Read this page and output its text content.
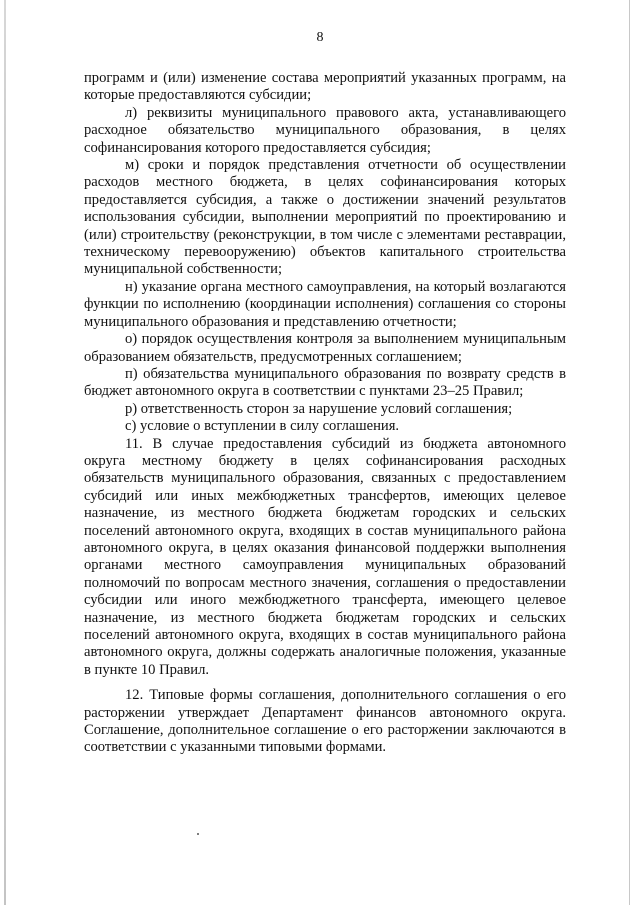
8

программ и (или) изменение состава мероприятий указанных программ, на которые предоставляются субсидии;

л) реквизиты муниципального правового акта, устанавливающего расходное обязательство муниципального образования, в целях софинансирования которого предоставляется субсидия;

м) сроки и порядок представления отчетности об осуществлении расходов местного бюджета, в целях софинансирования которых предоставляется субсидия, а также о достижении значений результатов использования субсидии, выполнении мероприятий по проектированию и (или) строительству (реконструкции, в том числе с элементами реставрации, техническому перевооружению) объектов капитального строительства муниципальной собственности;

н) указание органа местного самоуправления, на который возлагаются функции по исполнению (координации исполнения) соглашения со стороны муниципального образования и представлению отчетности;

о) порядок осуществления контроля за выполнением муниципальным образованием обязательств, предусмотренных соглашением;

п) обязательства муниципального образования по возврату средств в бюджет автономного округа в соответствии с пунктами 23–25 Правил;

р) ответственность сторон за нарушение условий соглашения;

с) условие о вступлении в силу соглашения.

11. В случае предоставления субсидий из бюджета автономного округа местному бюджету в целях софинансирования расходных обязательств муниципального образования, связанных с предоставлением субсидий или иных межбюджетных трансфертов, имеющих целевое назначение, из местного бюджета бюджетам городских и сельских поселений автономного округа, входящих в состав муниципального района автономного округа, в целях оказания финансовой поддержки выполнения органами местного самоуправления муниципальных образований полномочий по вопросам местного значения, соглашения о предоставлении субсидии или иного межбюджетного трансферта, имеющего целевое назначение, из местного бюджета бюджетам городских и сельских поселений автономного округа, входящих в состав муниципального района автономного округа, должны содержать аналогичные положения, указанные в пункте 10 Правил.

12. Типовые формы соглашения, дополнительного соглашения о его расторжении утверждает Департамент финансов автономного округа. Соглашение, дополнительное соглашение о его расторжении заключаются в соответствии с указанными типовыми формами.
